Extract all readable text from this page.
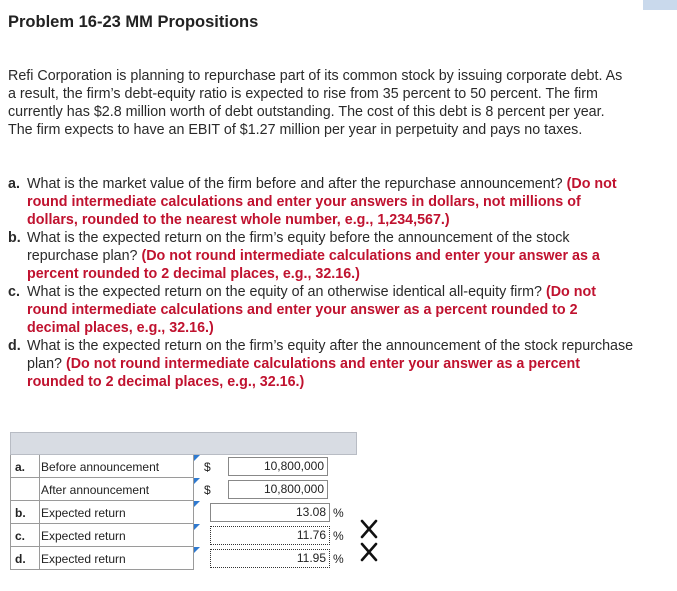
Problem 16-23 MM Propositions
Refi Corporation is planning to repurchase part of its common stock by issuing corporate debt. As a result, the firm’s debt-equity ratio is expected to rise from 35 percent to 50 percent. The firm currently has $2.8 million worth of debt outstanding. The cost of this debt is 8 percent per year. The firm expects to have an EBIT of $1.27 million per year in perpetuity and pays no taxes.
a. What is the market value of the firm before and after the repurchase announcement? (Do not round intermediate calculations and enter your answers in dollars, not millions of dollars, rounded to the nearest whole number, e.g., 1,234,567.)
b. What is the expected return on the firm’s equity before the announcement of the stock repurchase plan? (Do not round intermediate calculations and enter your answer as a percent rounded to 2 decimal places, e.g., 32.16.)
c. What is the expected return on the equity of an otherwise identical all-equity firm? (Do not round intermediate calculations and enter your answer as a percent rounded to 2 decimal places, e.g., 32.16.)
d. What is the expected return on the firm’s equity after the announcement of the stock repurchase plan? (Do not round intermediate calculations and enter your answer as a percent rounded to 2 decimal places, e.g., 32.16.)
a. Before announcement	$	10,800,000
After announcement	$	10,800,000
b. Expected return	13.08 %
c. Expected return	11.76 %
d. Expected return	11.95 %
